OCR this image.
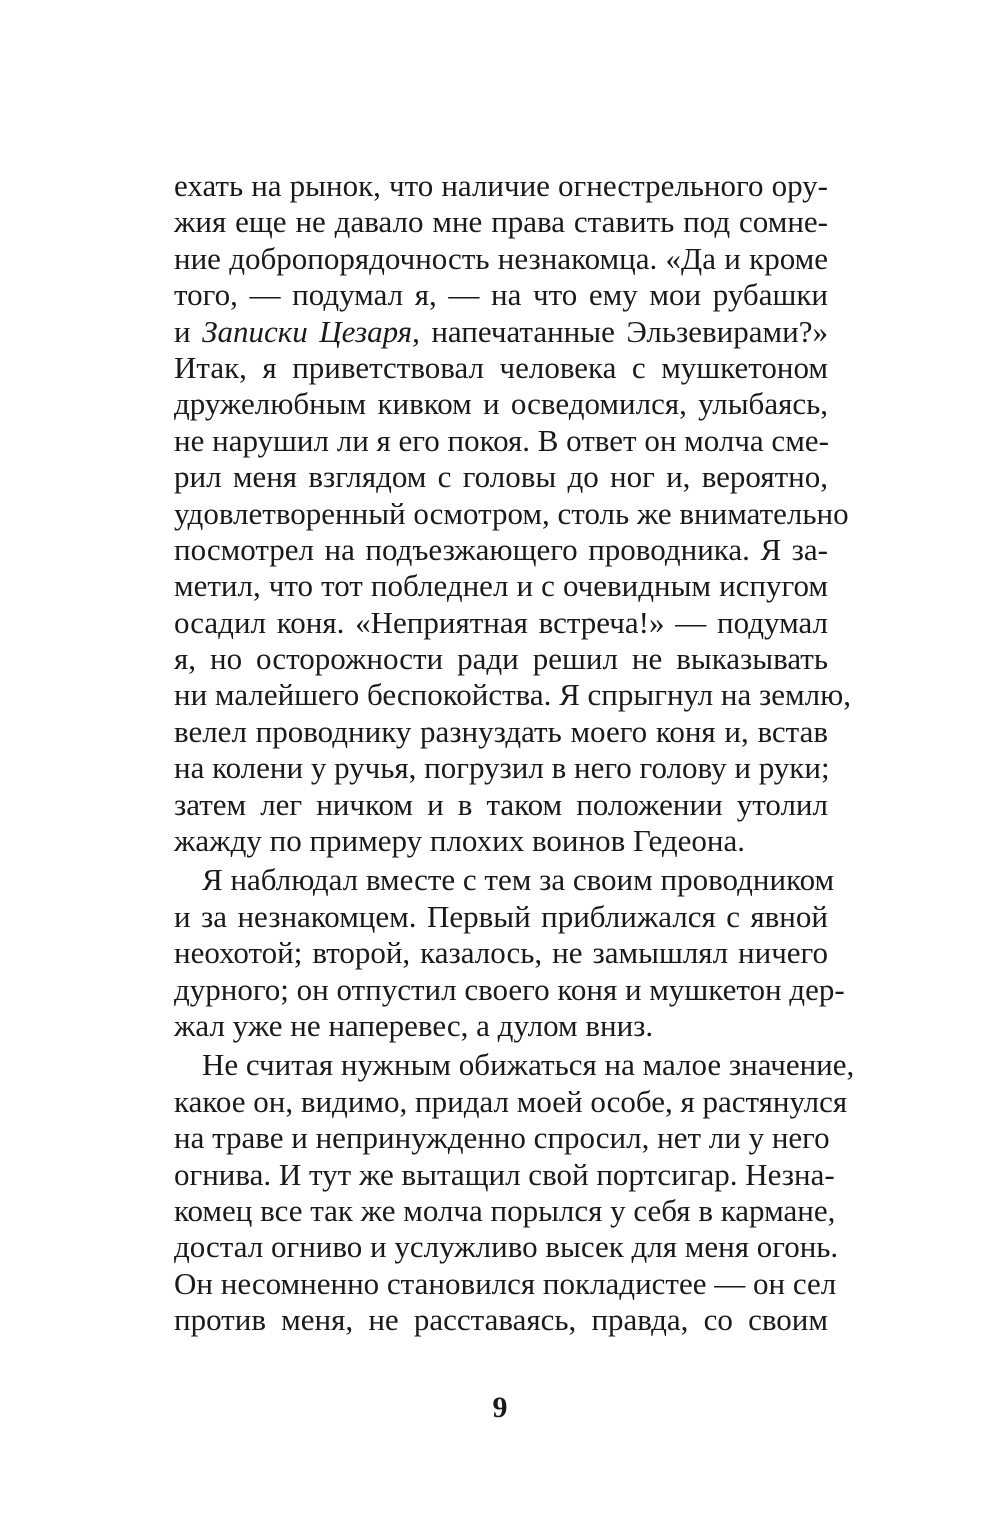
ехать на рынок, что наличие огнестрельного ору-
жия еще не давало мне права ставить под сомне-
ние добропорядочность незнакомца. «Да и кроме
того, — подумал я, — на что ему мои рубашки
и Записки Цезаря, напечатанные Эльзевирами?»
Итак, я приветствовал человека с мушкетоном
дружелюбным кивком и осведомился, улыбаясь,
не нарушил ли я его покоя. В ответ он молча сме-
рил меня взглядом с головы до ног и, вероятно,
удовлетворенный осмотром, столь же внимательно
посмотрел на подъезжающего проводника. Я за-
метил, что тот побледнел и с очевидным испугом
осадил коня. «Неприятная встреча!» — подумал
я, но осторожности ради решил не выказывать
ни малейшего беспокойства. Я спрыгнул на землю,
велел проводнику разнуздать моего коня и, встав
на колени у ручья, погрузил в него голову и руки;
затем лег ничком и в таком положении утолил
жажду по примеру плохих воинов Гедеона.
Я наблюдал вместе с тем за своим проводником
и за незнакомцем. Первый приближался с явной
неохотой; второй, казалось, не замышлял ничего
дурного; он отпустил своего коня и мушкетон дер-
жал уже не наперевес, а дулом вниз.
Не считая нужным обижаться на малое значение,
какое он, видимо, придал моей особе, я растянулся
на траве и непринужденно спросил, нет ли у него
огнива. И тут же вытащил свой портсигар. Незна-
комец все так же молча порылся у себя в кармане,
достал огниво и услужливо высек для меня огонь.
Он несомненно становился покладистее — он сел
против меня, не расставаясь, правда, со своим
9
